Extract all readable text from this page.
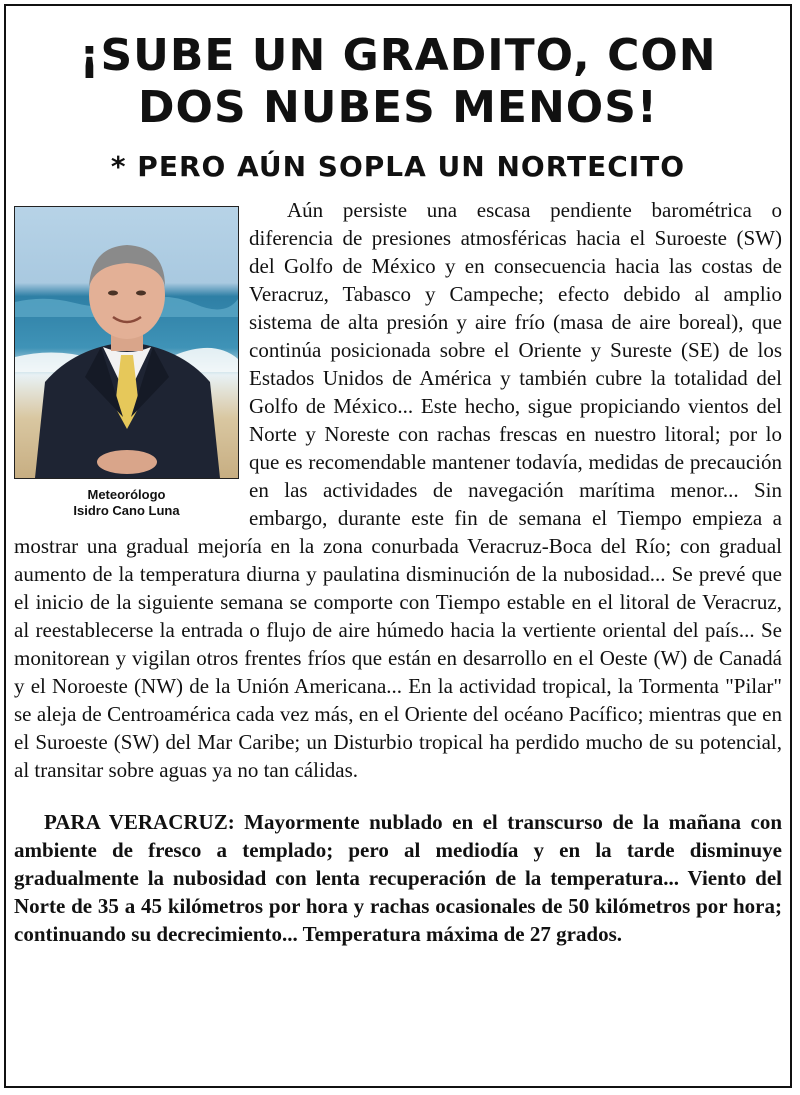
¡SUBE UN GRADITO, CON
DOS NUBES MENOS!
* PERO AÚN SOPLA UN NORTECITO
Meteorólogo
Isidro Cano Luna

Aún persiste una escasa pendiente barométrica o diferencia de presiones atmosféricas hacia el Suroeste (SW) del Golfo de México y en consecuencia hacia las costas de Veracruz, Tabasco y Campeche; efecto debido al amplio sistema de alta presión y aire frío (masa de aire boreal), que continúa posicionada sobre el Oriente y Sureste (SE) de los Estados Unidos de América y también cubre la totalidad del Golfo de México... Este hecho, sigue propiciando vientos del Norte y Noreste con rachas frescas en nuestro litoral; por lo que es recomendable mantener todavía, medidas de precaución en las actividades de navegación marítima menor... Sin embargo, durante este fin de semana el Tiempo empieza a mostrar una gradual mejoría en la zona conurbada Veracruz-Boca del Río; con gradual aumento de la temperatura diurna y paulatina disminución de la nubosidad... Se prevé que el inicio de la siguiente semana se comporte con Tiempo estable en el litoral de Veracruz, al reestablecerse la entrada o flujo de aire húmedo hacia la vertiente oriental del país... Se monitorean y vigilan otros frentes fríos que están en desarrollo en el Oeste (W) de Canadá y el Noroeste (NW) de la Unión Americana... En la actividad tropical, la Tormenta "Pilar" se aleja de Centroamérica cada vez más, en el Oriente del océano Pacífico; mientras que en el Suroeste (SW) del Mar Caribe; un Disturbio tropical ha perdido mucho de su potencial, al transitar sobre aguas ya no tan cálidas.

PARA VERACRUZ: Mayormente nublado en el transcurso de la mañana con ambiente de fresco a templado; pero al mediodía y en la tarde disminuye gradualmente la nubosidad con lenta recuperación de la temperatura... Viento del Norte de 35 a 45 kilómetros por hora y rachas ocasionales de 50 kilómetros por hora; continuando su decrecimiento... Temperatura máxima de 27 grados.
